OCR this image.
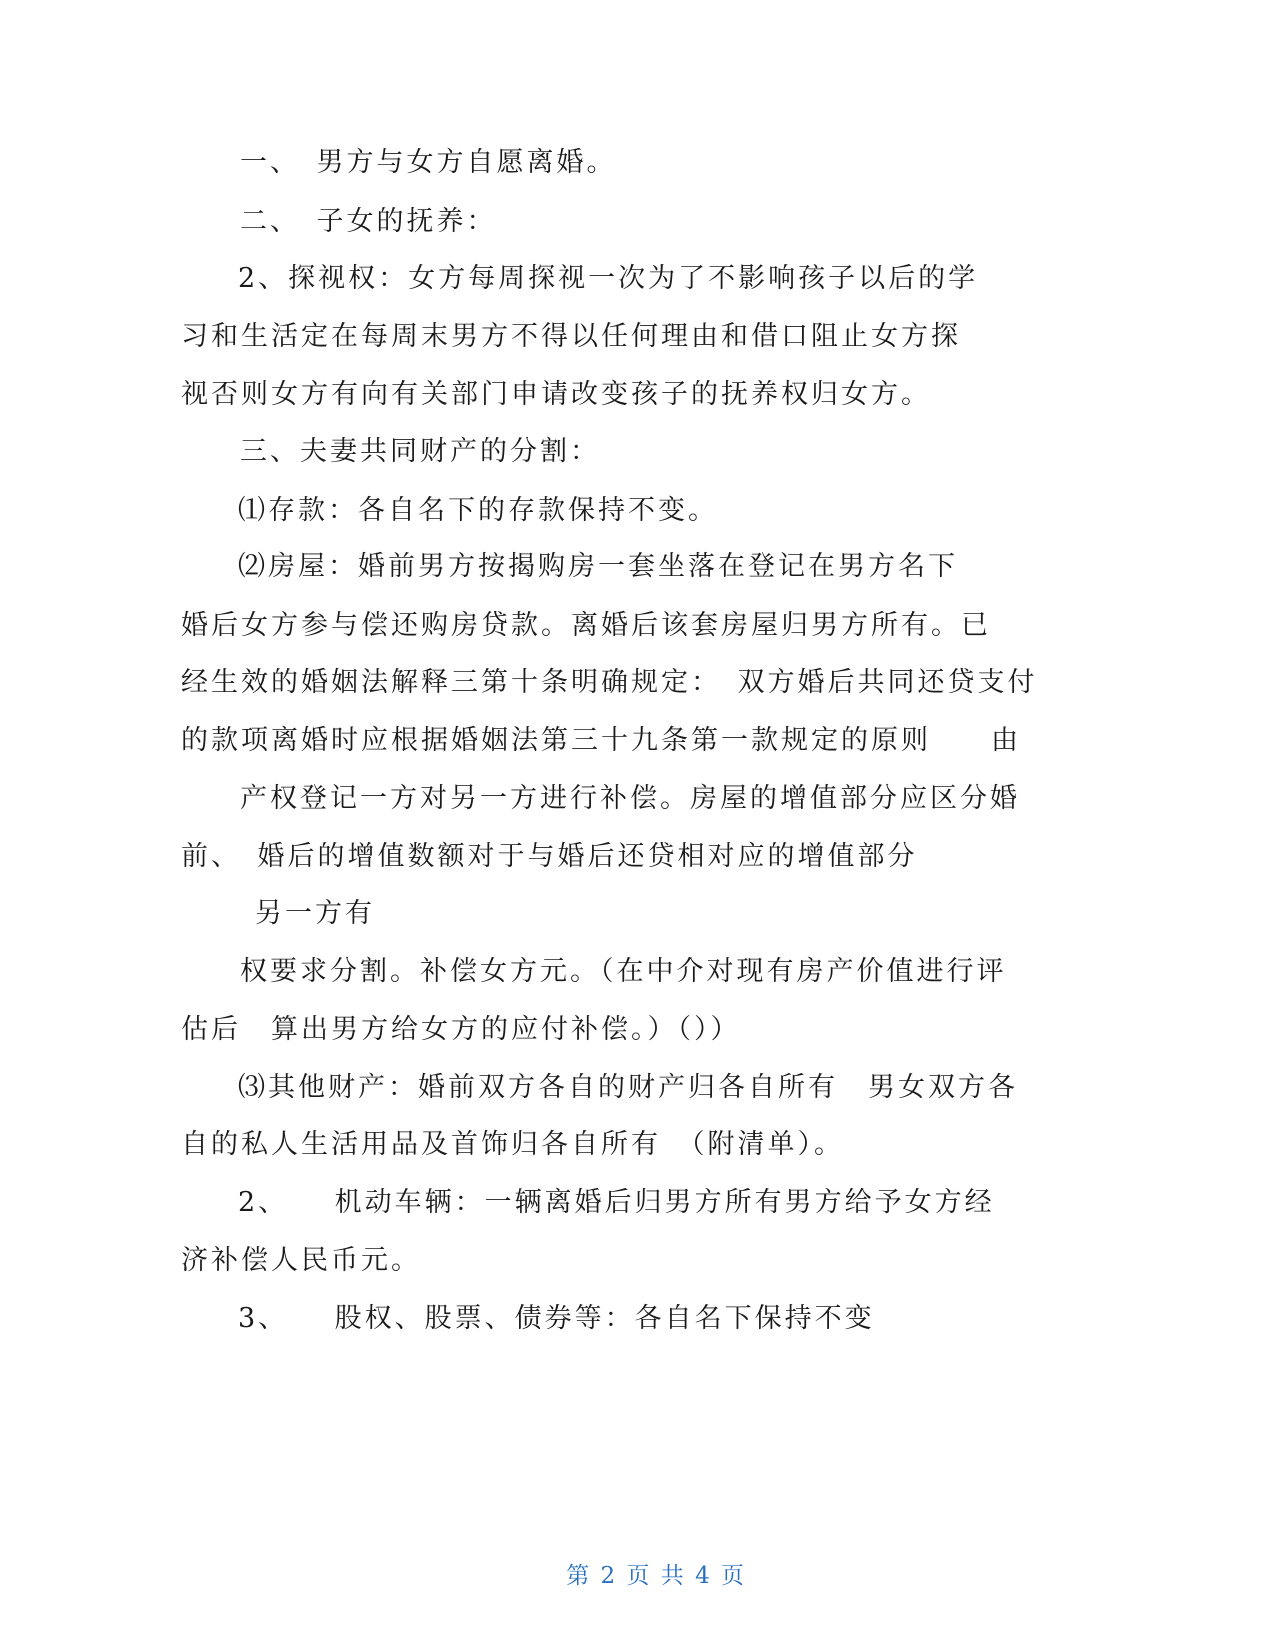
一、　男方与女方自愿离婚。
二、　子女的抚养：
2、探视权：女方每周探视一次为了不影响孩子以后的学
习和生活定在每周末男方不得以任何理由和借口阻止女方探
视否则女方有向有关部门申请改变孩子的抚养权归女方。
三、夫妻共同财产的分割：
⑴存款：各自名下的存款保持不变。
⑵房屋：婚前男方按揭购房一套坐落在登记在男方名下
婚后女方参与偿还购房贷款。离婚后该套房屋归男方所有。已
经生效的婚姻法解释三第十条明确规定：　双方婚后共同还贷支付
的款项离婚时应根据婚姻法第三十九条第一款规定的原则　　由
产权登记一方对另一方进行补偿。房屋的增值部分应区分婚
前、　婚后的增值数额对于与婚后还贷相对应的增值部分
另一方有
权要求分割。补偿女方元。（在中介对现有房产价值进行评
估后　算出男方给女方的应付补偿。）（））
⑶其他财产：婚前双方各自的财产归各自所有　男女双方各
自的私人生活用品及首饰归各自所有　（附清单）。
2、　　机动车辆：一辆离婚后归男方所有男方给予女方经
济补偿人民币元。
3、　　股权、股票、债券等：各自名下保持不变

第 2 页 共 4 页
